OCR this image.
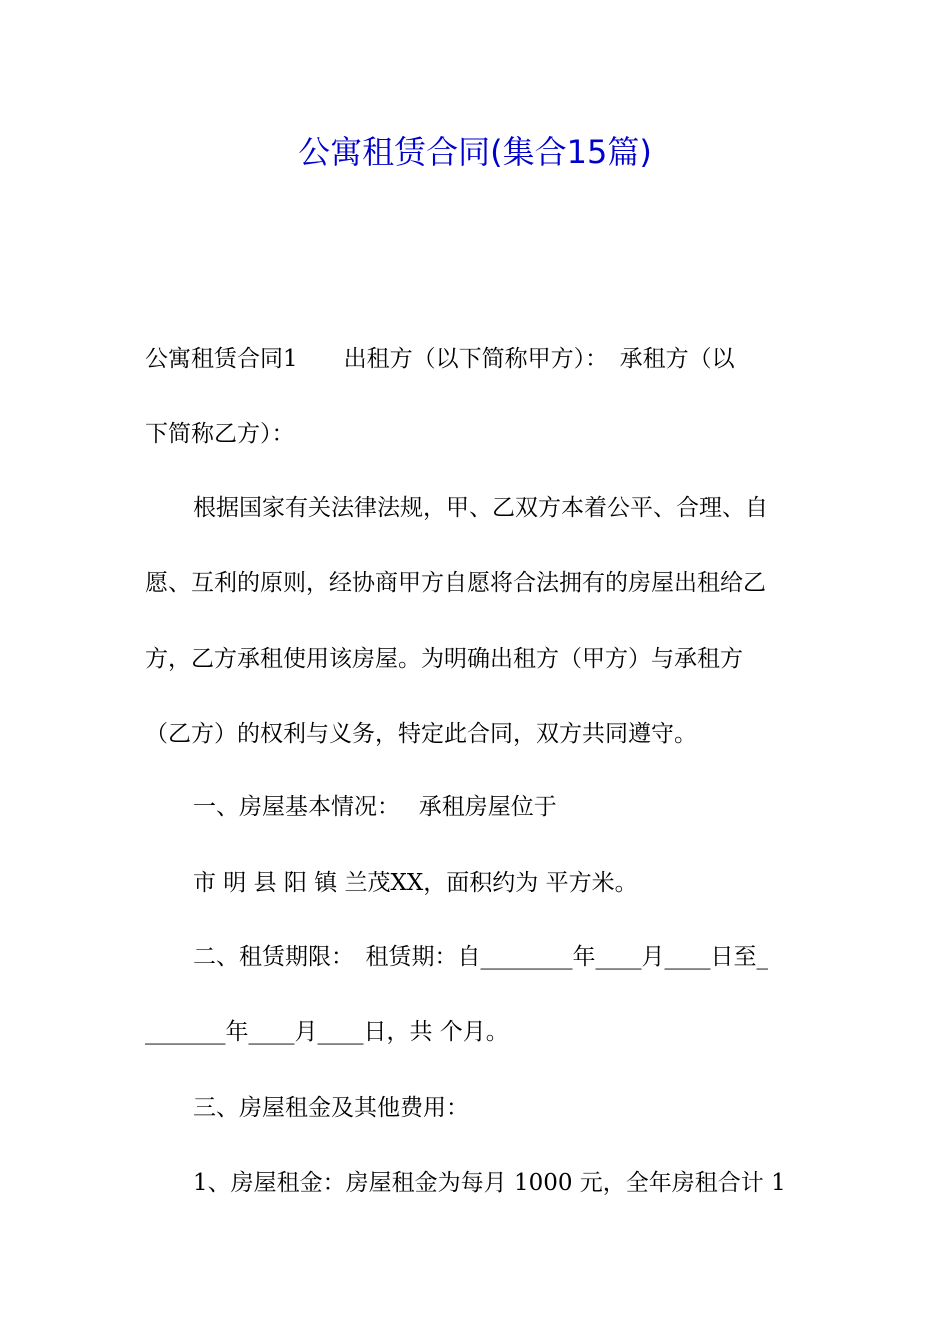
公寓租赁合同(集合15篇)
公寓租赁合同1　　出租方（以下简称甲方）：　承租方（以
下简称乙方）：
根据国家有关法律法规，甲、乙双方本着公平、合理、自
愿、互利的原则，经协商甲方自愿将合法拥有的房屋出租给乙
方，乙方承租使用该房屋。为明确出租方（甲方）与承租方
（乙方）的权利与义务，特定此合同，双方共同遵守。
一、房屋基本情况：　 承租房屋位于
市 明 县 阳 镇 兰茂XX，面积约为 平方米。
二、租赁期限：　租赁期：自________年____月____日至_
_______年____月____日，共 个月。
三、房屋租金及其他费用：
1、房屋租金：房屋租金为每月 1000 元，全年房租合计 1
